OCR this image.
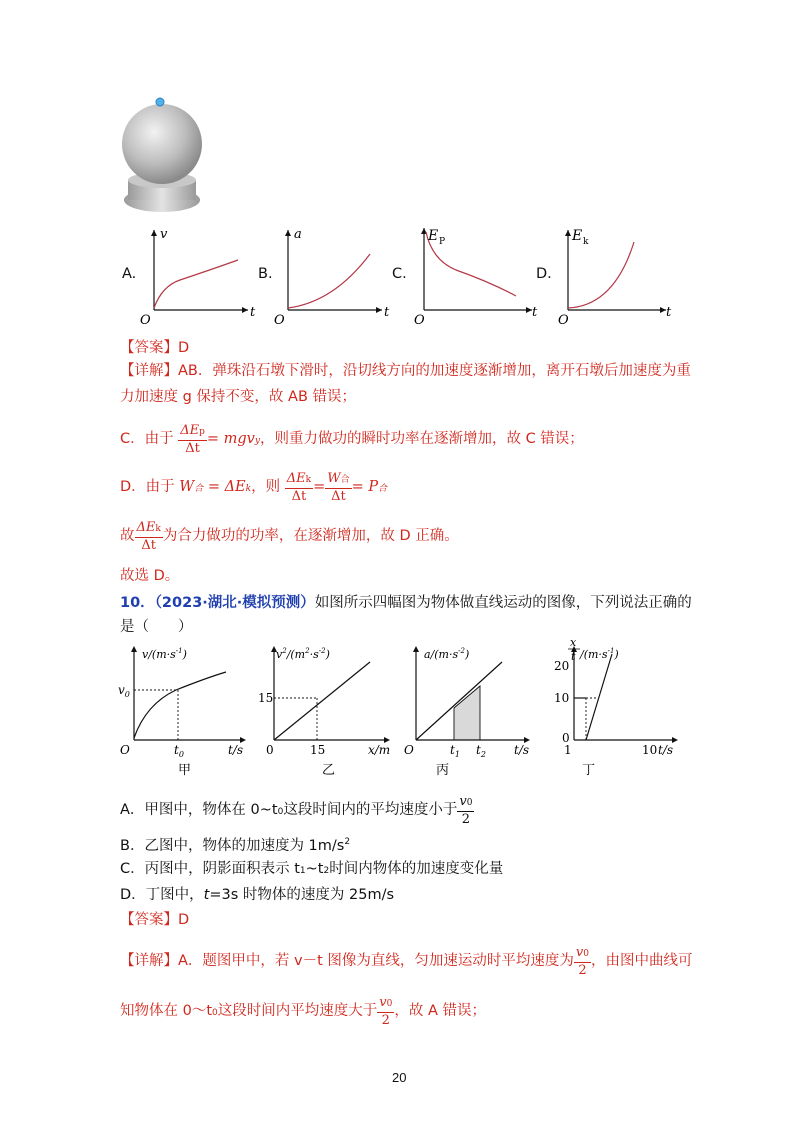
A.	B.	C.	D.
v
t
O
a
t
O
E P
t
O
E k
t
O
【答案】D
【详解】AB．弹珠沿石墩下滑时，沿切线方向的加速度逐渐增加，离开石墩后加速度为重
力加速度 g 保持不变，故 AB 错误；
C．由于 $\frac{\text{ΔEp}}{\Delta t}$ = mgvy，则重力做功的瞬时功率在逐渐增加，故 C 错误；
D．由于 W合 = ΔEk，则 $\frac{\text{ΔEk}}{\Delta t} = \frac{\text{W合}}{\Delta t} = P$合
故 $\frac{\text{ΔEk}}{\Delta t}$ 为合力做功的功率，在逐渐增加，故 D 正确。
故选 D。
10．（2023·湖北·模拟预测）如图所示四幅图为物体做直线运动的图像，下列说法正确的
是（　　）
$v/(m\cdot s^{-1})$
$v_0$
$t_0$	t/s
O
甲
$v^2/(m^2\cdot s^{-2})$
15
15	x/m
0
乙
$a/(m\cdot s^{-2})$
$t_1$ $t_2$ t/s
O
丙
x
t $/(m\cdot s^{-1})$
20
10
1	10 t/s
0
丁
A．甲图中，物体在 0~t0这段时间内的平均速度小于 $\frac{v0}{2}$
B．乙图中，物体的加速度为 $1m/s^2$
C．丙图中，阴影面积表示 t1~t2时间内物体的加速度变化量
D．丁图中，t=3s 时物体的速度为 25m/s
【答案】D
【详解】A．题图甲中，若 v－t 图像为直线，匀加速运动时平均速度为 $\frac{v0}{2}$ ，由图中曲线可
知物体在 0～t0这段时间内平均速度大于 $\frac{v0}{2}$ ，故 A 错误；
20
